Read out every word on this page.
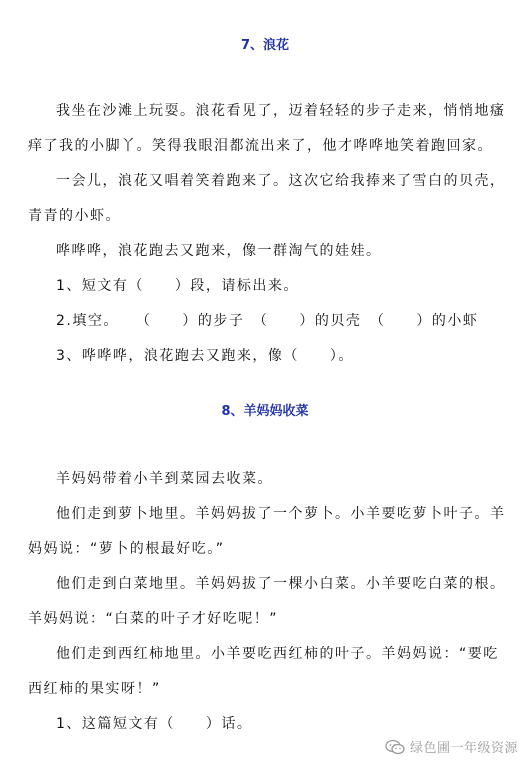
7、浪花
我坐在沙滩上玩耍。浪花看见了，迈着轻轻的步子走来，悄悄地瘙
痒了我的小脚丫。笑得我眼泪都流出来了，他才哗哗地笑着跑回家。
一会儿，浪花又唱着笑着跑来了。这次它给我捧来了雪白的贝壳，
青青的小虾。
哗哗哗，浪花跑去又跑来，像一群淘气的娃娃。
1、短文有（　　）段，请标出来。
2.填空。　　（　　）的步子　（　　）的贝壳　（　　）的小虾
3、哗哗哗，浪花跑去又跑来，像（　　）。
8、羊妈妈收菜
羊妈妈带着小羊到菜园去收菜。
他们走到萝卜地里。羊妈妈拔了一个萝卜。小羊要吃萝卜叶子。羊
妈妈说：“萝卜的根最好吃。”
他们走到白菜地里。羊妈妈拔了一棵小白菜。小羊要吃白菜的根。
羊妈妈说：“白菜的叶子才好吃呢！”
他们走到西红柿地里。小羊要吃西红柿的叶子。羊妈妈说：“要吃
西红柿的果实呀！”
1、这篇短文有（　　）话。
绿色圃一年级资源
